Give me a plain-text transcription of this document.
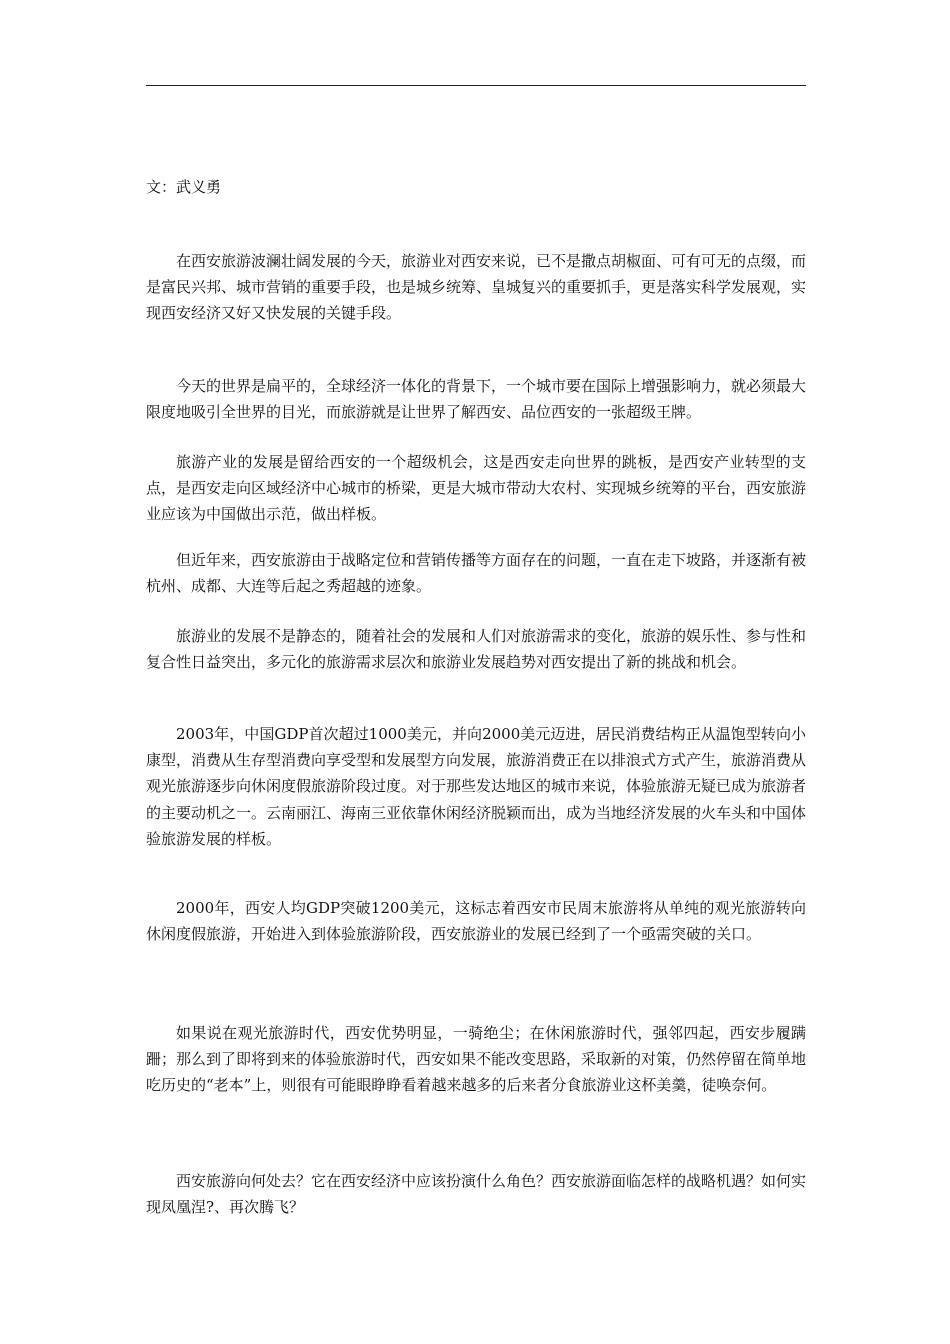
文：武义勇

在西安旅游波澜壮阔发展的今天，旅游业对西安来说，已不是撒点胡椒面、可有可无的点缀，而是富民兴邦、城市营销的重要手段，也是城乡统筹、皇城复兴的重要抓手，更是落实科学发展观，实现西安经济又好又快发展的关键手段。

今天的世界是扁平的，全球经济一体化的背景下，一个城市要在国际上增强影响力，就必须最大限度地吸引全世界的目光，而旅游就是让世界了解西安、品位西安的一张超级王牌。

旅游产业的发展是留给西安的一个超级机会，这是西安走向世界的跳板，是西安产业转型的支点，是西安走向区域经济中心城市的桥梁，更是大城市带动大农村、实现城乡统筹的平台，西安旅游业应该为中国做出示范，做出样板。

但近年来，西安旅游由于战略定位和营销传播等方面存在的问题，一直在走下坡路，并逐渐有被杭州、成都、大连等后起之秀超越的迹象。

旅游业的发展不是静态的，随着社会的发展和人们对旅游需求的变化，旅游的娱乐性、参与性和复合性日益突出，多元化的旅游需求层次和旅游业发展趋势对西安提出了新的挑战和机会。

2003年，中国GDP首次超过1000美元，并向2000美元迈进，居民消费结构正从温饱型转向小康型，消费从生存型消费向享受型和发展型方向发展，旅游消费正在以排浪式方式产生，旅游消费从观光旅游逐步向休闲度假旅游阶段过度。对于那些发达地区的城市来说，体验旅游无疑已成为旅游者的主要动机之一。云南丽江、海南三亚依靠休闲经济脱颖而出，成为当地经济发展的火车头和中国体验旅游发展的样板。

2000年，西安人均GDP突破1200美元，这标志着西安市民周末旅游将从单纯的观光旅游转向休闲度假旅游，开始进入到体验旅游阶段，西安旅游业的发展已经到了一个亟需突破的关口。

如果说在观光旅游时代，西安优势明显，一骑绝尘；在休闲旅游时代，强邻四起，西安步履蹒跚；那么到了即将到来的体验旅游时代，西安如果不能改变思路，采取新的对策，仍然停留在简单地吃历史的“老本”上，则很有可能眼睁睁看着越来越多的后来者分食旅游业这杯美羹，徒唤奈何。

西安旅游向何处去？它在西安经济中应该扮演什么角色？西安旅游面临怎样的战略机遇？如何实现凤凰涅?、再次腾飞？
